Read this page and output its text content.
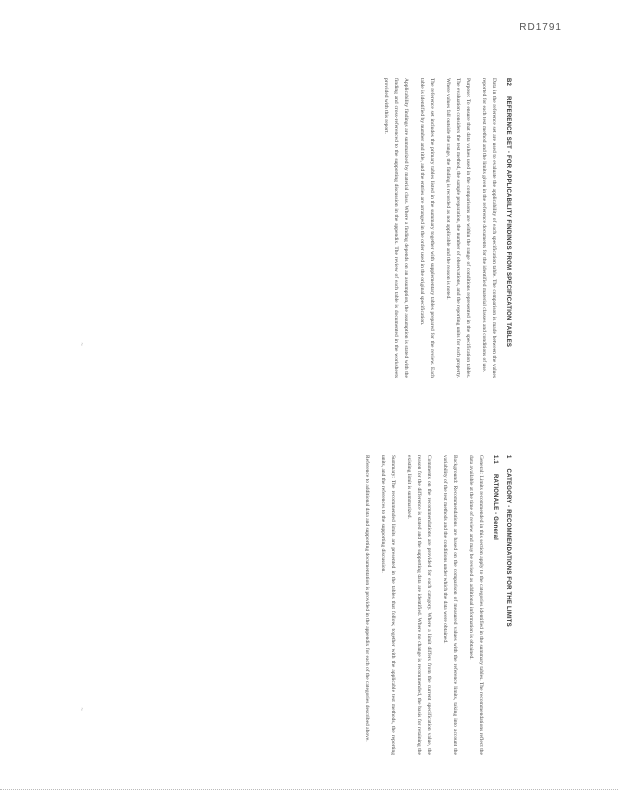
RD1791
~
~
B2
REFERENCE SET - FOR APPLICABILITY FINDINGS FROM SPECIFICATION TABLES

Data in the reference set are used to evaluate the applicability of each specification table. The comparison is made between the values reported for each test method and the limits given in the reference documents for the identified material classes and conditions of use.

Purpose: To ensure that data values used in the comparisons are within the range of conditions represented in the specification tables. The evaluation considers the test method, the sample preparation, the number of observations, and the reporting units for each property. Where values fall outside the range, the finding is recorded as not applicable and the reason is noted.

The reference set includes the primary tables listed in the summary together with supplementary tables prepared for the review. Each table is identified by number and title, and the entries are arranged in the order used in the original specification.

Applicability findings are summarized by material class. Where a finding depends on an assumption, the assumption is stated with the finding and cross-referenced to the supporting discussion in the appendix. The review of each table is documented in the worksheets provided with this report.

1
CATEGORY - RECOMMENDATIONS FOR THE LIMITS
1.1
RATIONALE - General

General: Limits recommended in this section apply to the categories identified in the summary tables. The recommendations reflect the data available at the time of review and may be revised as additional information is obtained.

Background: Recommendations are based on the comparison of measured values with the reference limits, taking into account the variability of the test methods and the conditions under which the data were obtained.

Comments on the recommendations are provided for each category. Where a limit differs from the current specification value, the reason for the difference is stated and the supporting data are identified. Where no change is recommended, the basis for retaining the existing limit is summarized.

Summary: The recommended limits are presented in the tables that follow, together with the applicable test methods, the reporting units, and the references to the supporting discussion.

Reference to additional data and supporting documentation is provided in the appendix for each of the categories described above.
